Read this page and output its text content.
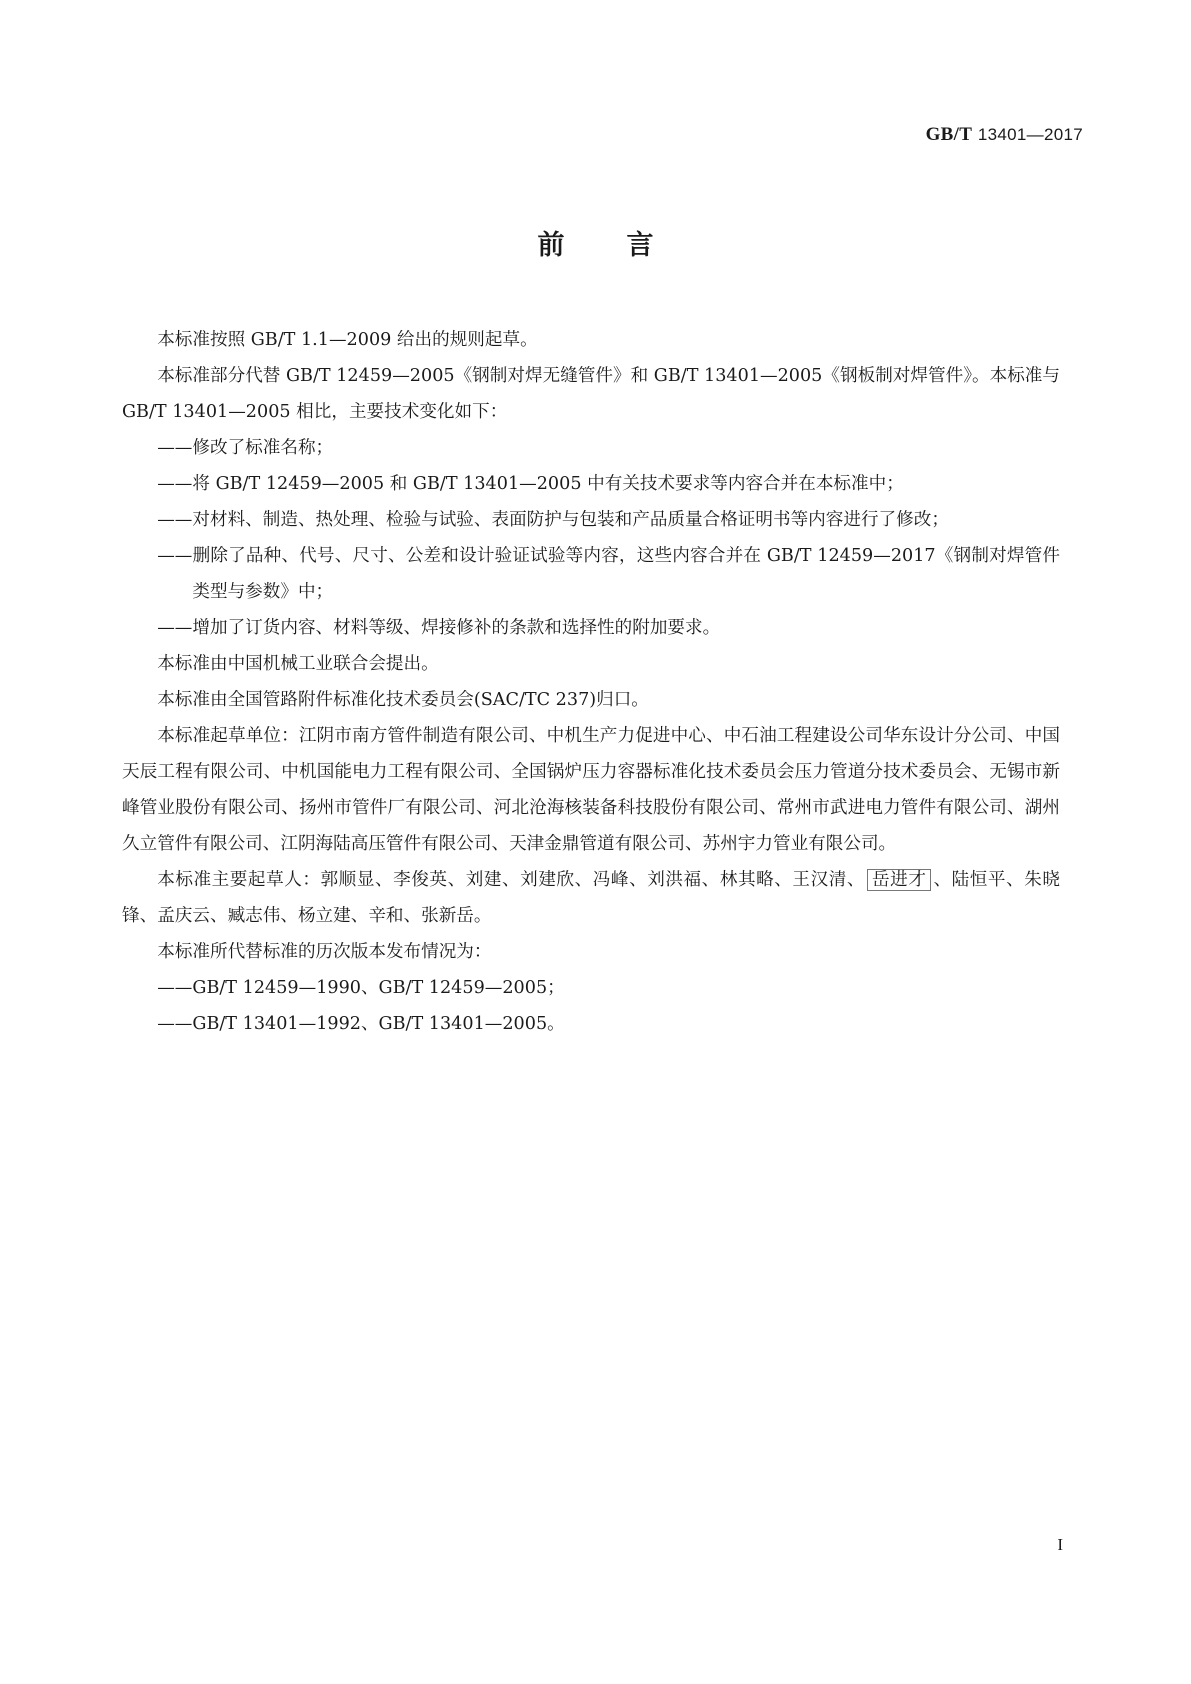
GB/T 13401—2017
前 言

本标准按照 GB/T 1.1—2009 给出的规则起草。

本标准部分代替 GB/T 12459—2005《钢制对焊无缝管件》和 GB/T 13401—2005《钢板制对焊管件》。本标准与 GB/T 13401—2005 相比，主要技术变化如下：

——修改了标准名称；

——将 GB/T 12459—2005 和 GB/T 13401—2005 中有关技术要求等内容合并在本标准中；

——对材料、制造、热处理、检验与试验、表面防护与包装和产品质量合格证明书等内容进行了修改；

——删除了品种、代号、尺寸、公差和设计验证试验等内容，这些内容合并在 GB/T 12459—2017《钢制对焊管件　类型与参数》中；

——增加了订货内容、材料等级、焊接修补的条款和选择性的附加要求。

本标准由中国机械工业联合会提出。

本标准由全国管路附件标准化技术委员会(SAC/TC 237)归口。

本标准起草单位：江阴市南方管件制造有限公司、中机生产力促进中心、中石油工程建设公司华东设计分公司、中国天辰工程有限公司、中机国能电力工程有限公司、全国锅炉压力容器标准化技术委员会压力管道分技术委员会、无锡市新峰管业股份有限公司、扬州市管件厂有限公司、河北沧海核装备科技股份有限公司、常州市武进电力管件有限公司、湖州久立管件有限公司、江阴海陆高压管件有限公司、天津金鼎管道有限公司、苏州宇力管业有限公司。

本标准主要起草人：郭顺显、李俊英、刘建、刘建欣、冯峰、刘洪福、林其略、王汉清、 岳进才 、陆恒平、朱晓锋、孟庆云、臧志伟、杨立建、辛和、张新岳。

本标准所代替标准的历次版本发布情况为：

——GB/T 12459—1990、GB/T 12459—2005；

——GB/T 13401—1992、GB/T 13401—2005。

I
